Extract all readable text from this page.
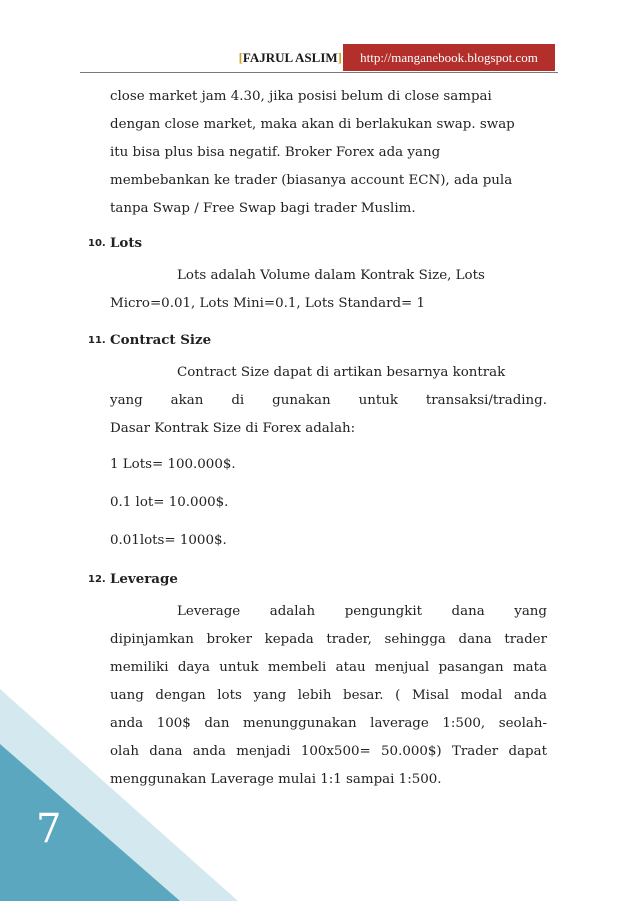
[FAJRUL ASLIM]	http://manganebook.blogspot.com
close market jam 4.30, jika posisi belum di close sampai
dengan close market, maka akan di berlakukan swap. swap
itu bisa plus bisa negatif. Broker Forex ada yang
membebankan ke trader (biasanya account ECN), ada pula
tanpa Swap / Free Swap bagi trader Muslim.
10. Lots
Lots adalah Volume dalam Kontrak Size, Lots
Micro=0.01, Lots Mini=0.1, Lots Standard= 1
11. Contract Size
Contract Size dapat di artikan besarnya kontrak
yang akan di gunakan untuk transaksi/trading.
Dasar Kontrak Size di Forex adalah:
1 Lots= 100.000$.
0.1 lot= 10.000$.
0.01lots= 1000$.
12. Leverage
Leverage adalah pengungkit dana yang
dipinjamkan broker kepada trader, sehingga dana trader
memiliki daya untuk membeli atau menjual pasangan mata
uang dengan lots yang lebih besar. ( Misal modal anda
anda 100$ dan menunggunakan laverage 1:500, seolah-
olah dana anda menjadi 100x500= 50.000$) Trader dapat
menggunakan Laverage mulai 1:1 sampai 1:500.
7
